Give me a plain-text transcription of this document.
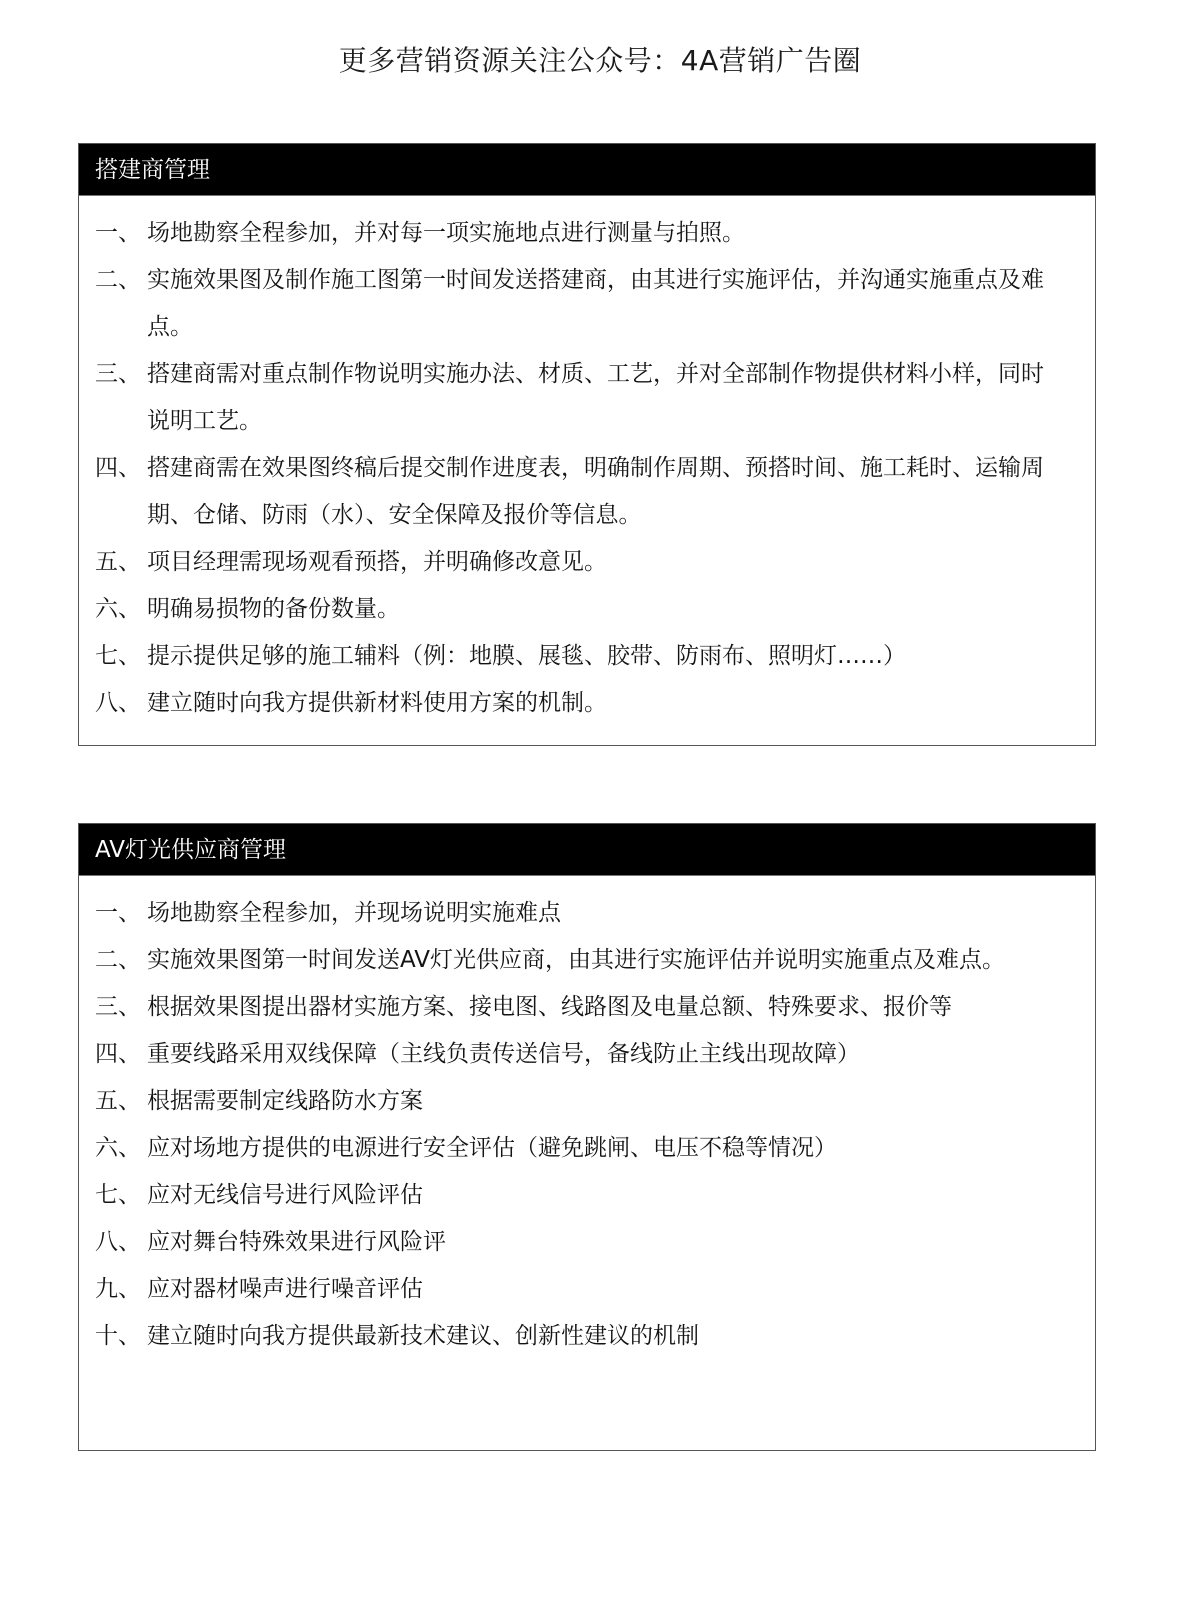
更多营销资源关注公众号：4A营销广告圈
搭建商管理
一、 场地勘察全程参加，并对每一项实施地点进行测量与拍照。
二、 实施效果图及制作施工图第一时间发送搭建商，由其进行实施评估，并沟通实施重点及难点。
三、 搭建商需对重点制作物说明实施办法、材质、工艺，并对全部制作物提供材料小样，同时说明工艺。
四、 搭建商需在效果图终稿后提交制作进度表，明确制作周期、预搭时间、施工耗时、运输周期、仓储、防雨（水）、安全保障及报价等信息。
五、 项目经理需现场观看预搭，并明确修改意见。
六、 明确易损物的备份数量。
七、 提示提供足够的施工辅料（例：地膜、展毯、胶带、防雨布、照明灯……）
八、 建立随时向我方提供新材料使用方案的机制。
AV灯光供应商管理
一、 场地勘察全程参加，并现场说明实施难点
二、 实施效果图第一时间发送AV灯光供应商，由其进行实施评估并说明实施重点及难点。
三、 根据效果图提出器材实施方案、接电图、线路图及电量总额、特殊要求、报价等
四、 重要线路采用双线保障（主线负责传送信号，备线防止主线出现故障）
五、 根据需要制定线路防水方案
六、 应对场地方提供的电源进行安全评估（避免跳闸、电压不稳等情况）
七、 应对无线信号进行风险评估
八、 应对舞台特殊效果进行风险评
九、 应对器材噪声进行噪音评估
十、 建立随时向我方提供最新技术建议、创新性建议的机制
